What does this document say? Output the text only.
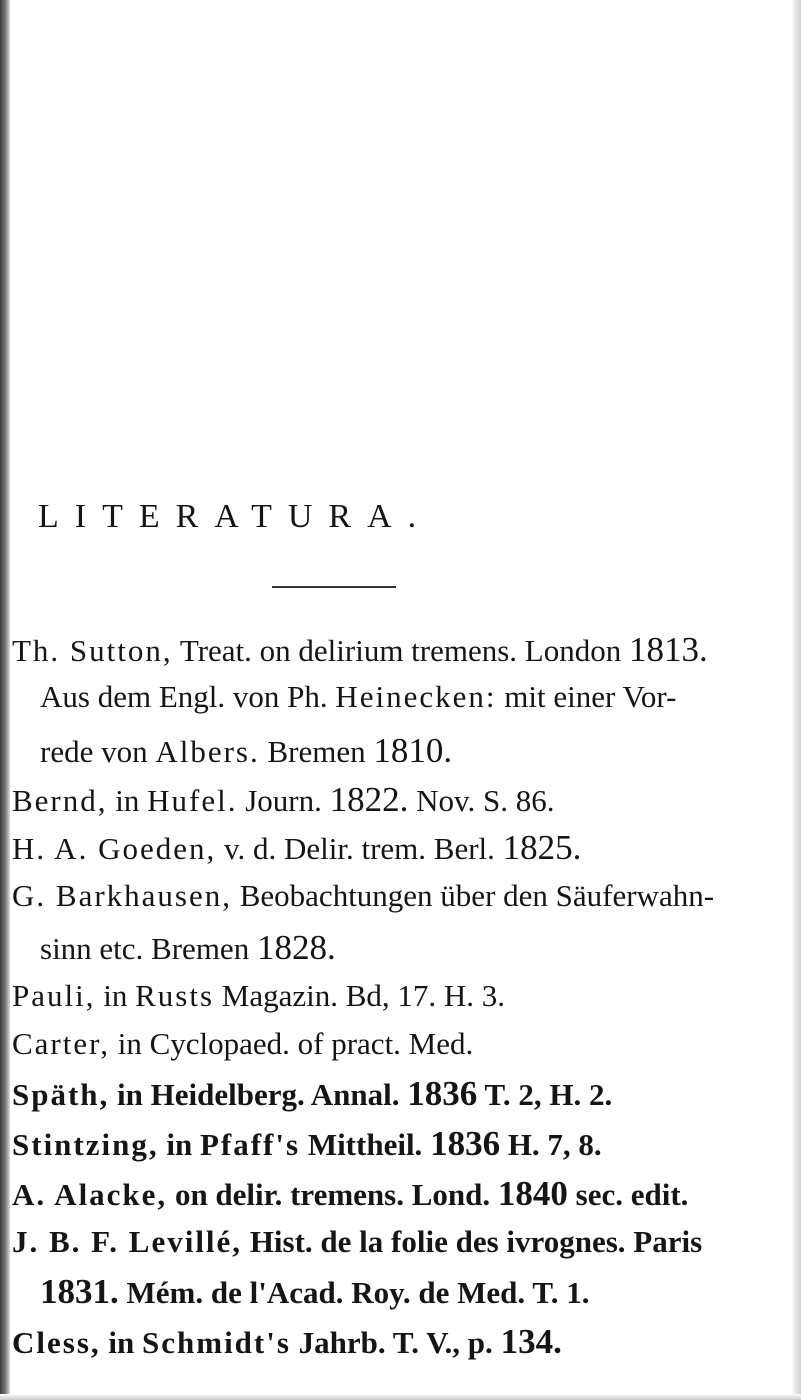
LITERATURA.
Th. Sutton, Treat. on delirium tremens. London 1813.
Aus dem Engl. von Ph. Heinecken: mit einer Vor-
rede von Albers. Bremen 1810.
Bernd, in Hufel. Journ. 1822. Nov. S. 86.
H. A. Goeden, v. d. Delir. trem. Berl. 1825.
G. Barkhausen, Beobachtungen über den Säuferwahn-
sinn etc. Bremen 1828.
Pauli, in Rusts Magazin. Bd, 17. H. 3.
Carter, in Cyclopaed. of pract. Med.
Späth, in Heidelberg. Annal. 1836 T. 2, H. 2.
Stintzing, in Pfaff's Mittheil. 1836 H. 7, 8.
A. Alacke, on delir. tremens. Lond. 1840 sec. edit.
J. B. F. Levillé, Hist. de la folie des ivrognes. Paris
1831. Mém. de l'Acad. Roy. de Med. T. 1.
Cless, in Schmidt's Jahrb. T. V., p. 134.
